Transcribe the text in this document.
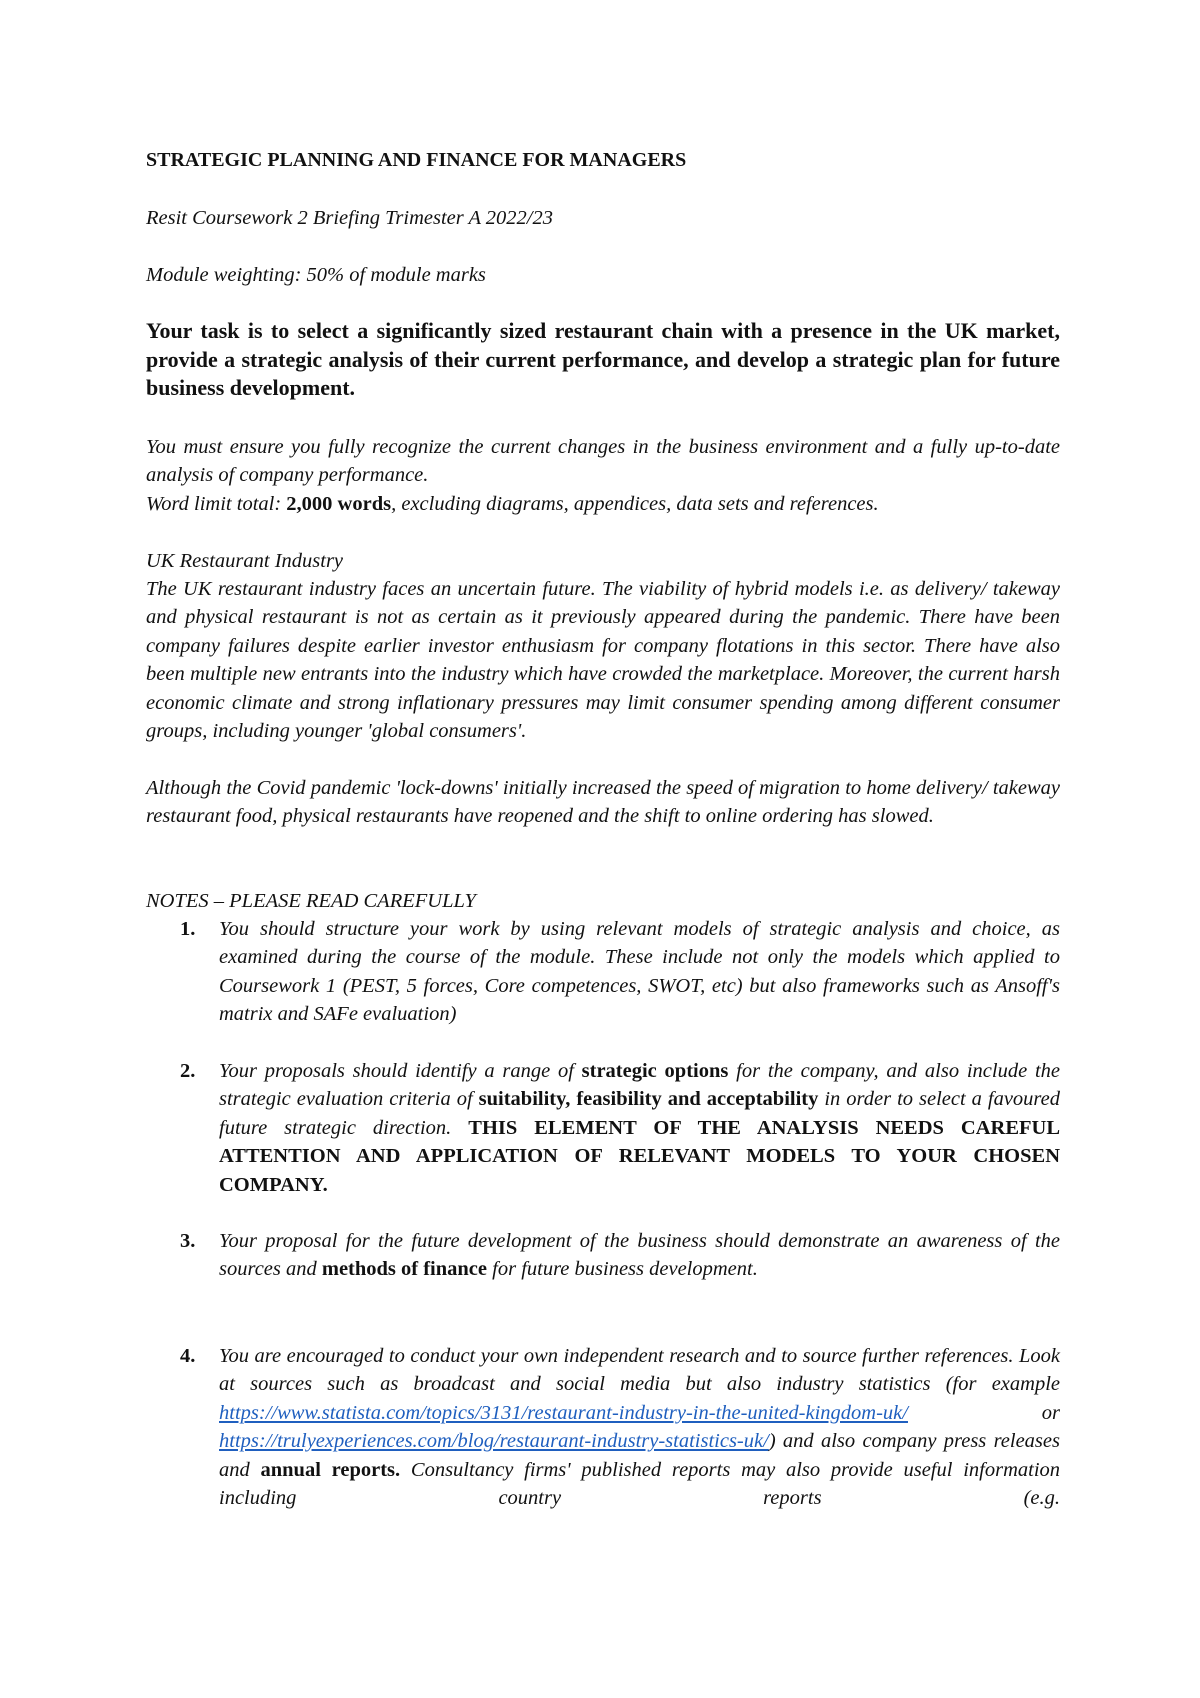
STRATEGIC PLANNING AND FINANCE FOR MANAGERS
Resit Coursework 2 Briefing Trimester A 2022/23
Module weighting: 50% of module marks
Your task is to select a significantly sized restaurant chain with a presence in the UK market, provide a strategic analysis of their current performance, and develop a strategic plan for future business development.
You must ensure you fully recognize the current changes in the business environment and a fully up-to-date analysis of company performance.
Word limit total: 2,000 words, excluding diagrams, appendices, data sets and references.
UK Restaurant Industry
The UK restaurant industry faces an uncertain future. The viability of hybrid models i.e. as delivery/ takeway and physical restaurant is not as certain as it previously appeared during the pandemic. There have been company failures despite earlier investor enthusiasm for company flotations in this sector. There have also been multiple new entrants into the industry which have crowded the marketplace. Moreover, the current harsh economic climate and strong inflationary pressures may limit consumer spending among different consumer groups, including younger 'global consumers'.
Although the Covid pandemic 'lock-downs' initially increased the speed of migration to home delivery/ takeway restaurant food, physical restaurants have reopened and the shift to online ordering has slowed.
NOTES – PLEASE READ CAREFULLY
1. You should structure your work by using relevant models of strategic analysis and choice, as examined during the course of the module. These include not only the models which applied to Coursework 1 (PEST, 5 forces, Core competences, SWOT, etc) but also frameworks such as Ansoff's matrix and SAFe evaluation)
2. Your proposals should identify a range of strategic options for the company, and also include the strategic evaluation criteria of suitability, feasibility and acceptability in order to select a favoured future strategic direction. THIS ELEMENT OF THE ANALYSIS NEEDS CAREFUL ATTENTION AND APPLICATION OF RELEVANT MODELS TO YOUR CHOSEN COMPANY.
3. Your proposal for the future development of the business should demonstrate an awareness of the sources and methods of finance for future business development.
4. You are encouraged to conduct your own independent research and to source further references. Look at sources such as broadcast and social media but also industry statistics (for example https://www.statista.com/topics/3131/restaurant-industry-in-the-united-kingdom-uk/ or https://trulyexperiences.com/blog/restaurant-industry-statistics-uk/) and also company press releases and annual reports. Consultancy firms' published reports may also provide useful information including country reports (e.g.
